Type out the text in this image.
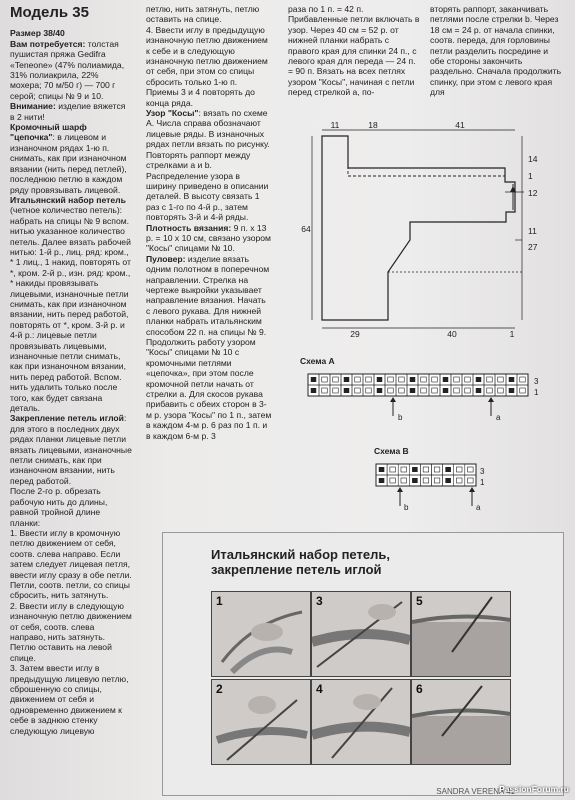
Модель 35

Размер 38/40

Вам потребуется: толстая пушистая пряжа Gedifra «Teneone» (47% полиамида, 31% полиакрила, 22% мохера; 70 м/50 г) — 700 г серой; спицы № 9 и 10.

Внимание: изделие вяжется в 2 нити!

Кромочный шарф "цепочка": в лицевом и изнаночном рядах 1-ю п. снимать, как при изнаночном вязании (нить перед петлей), последнюю петлю в каждом ряду провязывать лицевой.

Итальянский набор петель (четное количество петель): набрать на спицы № 9 вспом. нитью указанное количество петель. Далее вязать рабочей нитью: 1-й р., лиц. ряд: кром., * 1 лиц., 1 накид, повторять от *, кром. 2-й р., изн. ряд: кром., * накиды провязывать лицевыми, изнаночные петли снимать, как при изнаночном вязании, нить перед работой, повторять от *, кром. 3-й р. и 4-й р.: лицевые петли провязывать лицевыми, изнаночные петли снимать, как при изнаночном вязании, нить перед работой. Вспом. нить удалить только после того, как будет связана деталь.

Закрепление петель иглой: для этого в последних двух рядах планки лицевые петли вязать лицевыми, изнаночные петли снимать, как при изнаночном вязании, нить перед работой.

После 2-го р. обрезать рабочую нить до длины, равной тройной длине планки:

1. Ввести иглу в кромочную петлю движением от себя, соотв. слева направо. Если затем следует лицевая петля, ввести иглу сразу в обе петли. Петли, соотв. петли, со спицы сбросить, нить затянуть.

2. Ввести иглу в следующую изнаночную петлю движением от себя, соотв. слева направо, нить затянуть. Петлю оставить на левой спице.

3. Затем ввести иглу в предыдущую лицевую петлю, сброшенную со спицы, движением от себя и одновременно движением к себе в заднюю стенку следующую лицевую

петлю, нить затянуть, петлю оставить на спице.

4. Ввести иглу в предыдущую изнаночную петлю движением к себе и в следующую изнаночную петлю движением от себя, при этом со спицы сбросить только 1-ю п. Приемы 3 и 4 повторять до конца ряда.

Узор "Косы": вязать по схеме А. Числа справа обозначают лицевые ряды. В изнаночных рядах петли вязать по рисунку. Повторять раппорт между стрелками а и b. Распределение узора в ширину приведено в описании деталей. В высоту связать 1 раз с 1-го по 4-й р., затем повторять 3-й и 4-й ряды.

Плотность вязания: 9 п. x 13 р. = 10 x 10 см, связано узором "Косы" спицами № 10.

Пуловер: изделие вязать одним полотном в поперечном направлении. Стрелка на чертеже выкройки указывает направление вязания. Начать с левого рукава. Для нижней планки набрать итальянским способом 22 п. на спицы № 9. Продолжить работу узором "Косы" спицами № 10 с кромочными петлями «цепочка», при этом после кромочной петли начать от стрелки а. Для скосов рукава прибавить с обеих сторон в 3-м р. узора "Косы" по 1 п., затем в каждом 4-м р. 6 раз по 1 п. и в каждом 6-м р. 3

раза по 1 п. = 42 п. Прибавленные петли включать в узор. Через 40 см = 52 р. от нижней планки набрать с правого края для спинки 24 п., с левого края для переда — 24 п. = 90 п. Вязать на всех петлях узором "Косы", начиная с петли перед стрелкой а, по-

вторять раппорт, заканчивать петлями после стрелки b. Через 18 см = 24 р. от начала спинки, соотв. переда, для горловины петли разделить посредине и обе стороны закончить раздельно. Сначала продолжить спинку, при этом с левого края для

11	18	41
64
14
1
12
11
27
29	40	1
Схема А
3
1
b	a
Схема В
3
1
b	a
Итальянский набор петель,
закрепление петель иглой
1	3	5
2	4	6
SANDRA VERENA 41
PassionForum.ru
